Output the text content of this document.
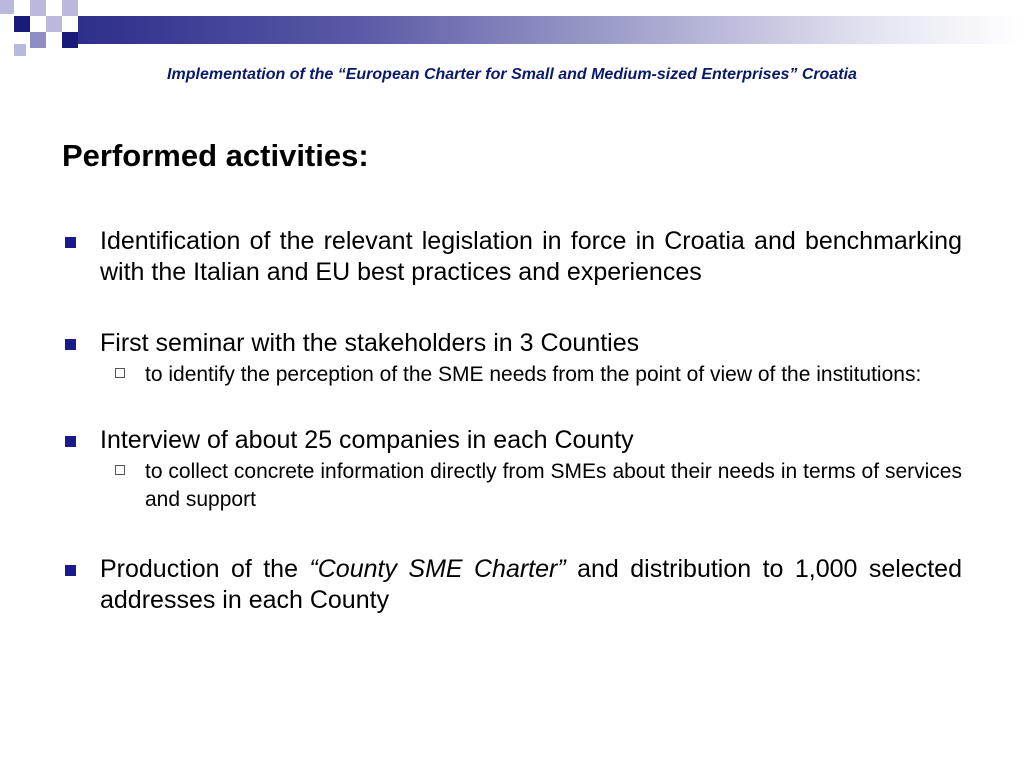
Implementation of the “European Charter for Small and Medium-sized Enterprises” Croatia
Performed activities:
Identification of the relevant legislation in force in Croatia and benchmarking with the Italian and EU best practices and experiences
First seminar with the stakeholders in 3 Counties
to identify the perception of the SME needs from the point of view of the institutions:
Interview of about 25 companies in each County
to collect concrete information directly from SMEs about their needs in terms of services and support
Production of the “County SME Charter” and distribution to 1,000 selected addresses in each County
